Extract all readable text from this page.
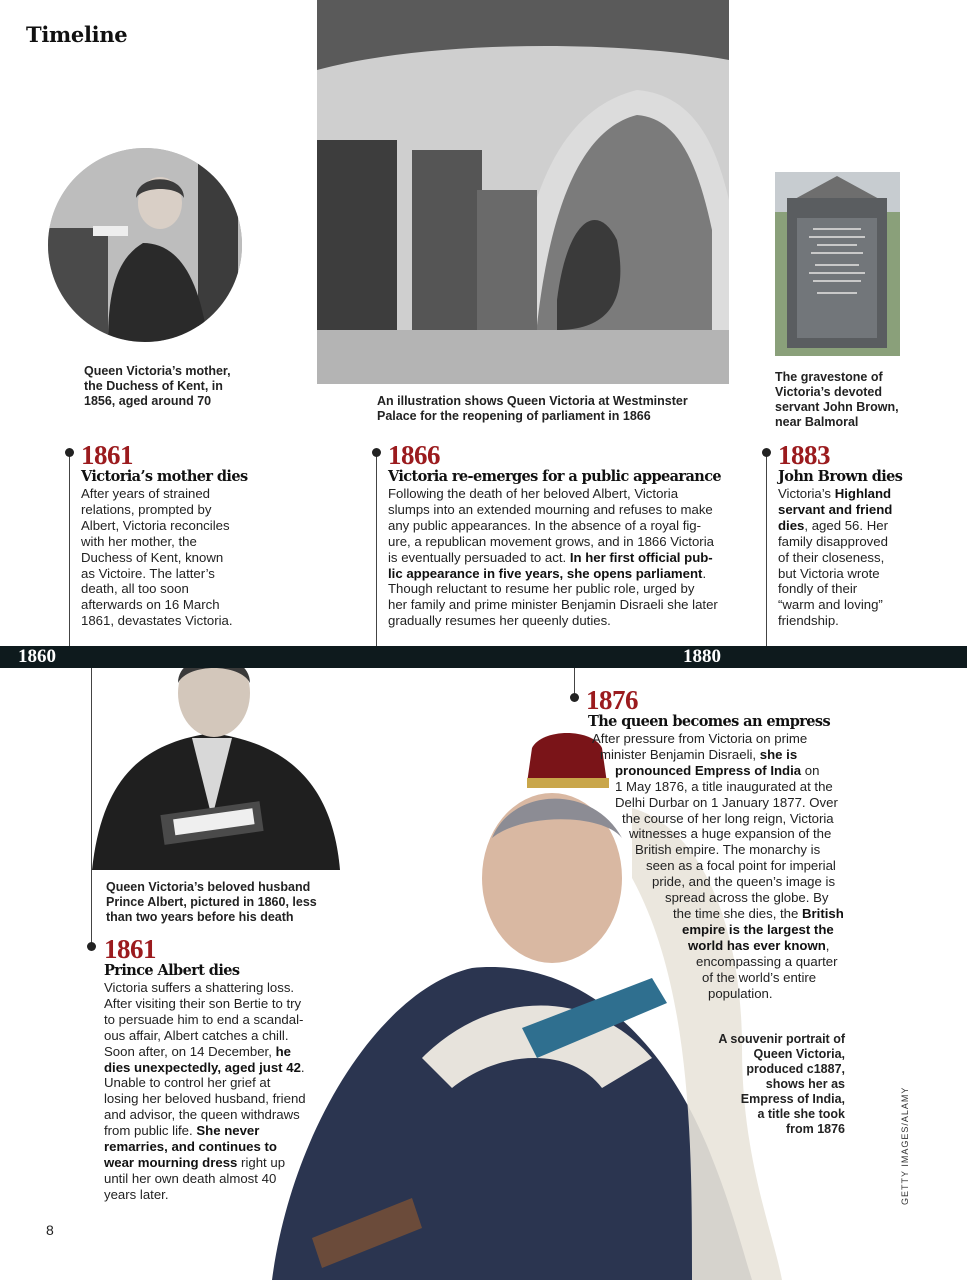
Timeline
Queen Victoria’s mother,
the Duchess of Kent, in
1856, aged around 70	An illustration shows Queen Victoria at Westminster
Palace for the reopening of parliament in 1866
The gravestone of
Victoria’s devoted
servant John Brown,
near Balmoral
Queen Victoria’s beloved husband
Prince Albert, pictured in 1860, less
than two years before his death
A souvenir portrait of
Queen Victoria,
produced c1887,
shows her as
Empress of India,
a title she took
from 1876
1860	1880
1861
Victoria’s mother dies
After years of strained
relations, prompted by
Albert, Victoria reconciles
with her mother, the
Duchess of Kent, known
as Victoire. The latter’s
death, all too soon
afterwards on 16 March
1861, devastates Victoria.
1866
Victoria re-emerges for a public appearance
Following the death of her beloved Albert, Victoria
slumps into an extended mourning and refuses to make
any public appearances. In the absence of a royal fig-
ure, a republican movement grows, and in 1866 Victoria
is eventually persuaded to act. In her first official pub-
lic appearance in five years, she opens parliament.
Though reluctant to resume her public role, urged by
her family and prime minister Benjamin Disraeli she later
gradually resumes her queenly duties.
1883
John Brown dies
Victoria’s Highland
servant and friend
dies, aged 56. Her
family disapproved
of their closeness,
but Victoria wrote
fondly of their
“warm and loving”
friendship.
1861
Prince Albert dies
Victoria suffers a shattering loss.
After visiting their son Bertie to try
to persuade him to end a scandal-
ous affair, Albert catches a chill.
Soon after, on 14 December, he
dies unexpectedly, aged just 42.
Unable to control her grief at
losing her beloved husband, friend
and advisor, the queen withdraws
from public life. She never
remarries, and continues to
wear mourning dress right up
until her own death almost 40
years later.
1876
The queen becomes an empress
After pressure from Victoria on prime
minister Benjamin Disraeli, she is
pronounced Empress of India on
1 May 1876, a title inaugurated at the
Delhi Durbar on 1 January 1877. Over
the course of her long reign, Victoria
witnesses a huge expansion of the
British empire. The monarchy is
seen as a focal point for imperial
pride, and the queen’s image is
spread across the globe. By
the time she dies, the British
empire is the largest the
world has ever known,
encompassing a quarter
of the world’s entire
population.
GETTY IMAGES/ALAMY
8
